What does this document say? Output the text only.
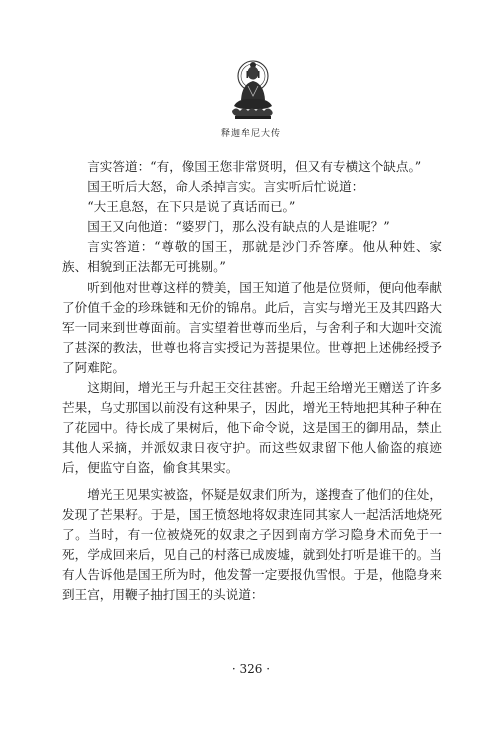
释迦牟尼大传

言实答道：“有，像国王您非常贤明，但又有专横这个缺点。”

国王听后大怒，命人杀掉言实。言实听后忙说道：

“大王息怒，在下只是说了真话而已。”

国王又向他道：“婆罗门，那么没有缺点的人是谁呢？”

言实答道：“尊敬的国王，那就是沙门乔答摩。他从种姓、家族、相貌到正法都无可挑剔。”

听到他对世尊这样的赞美，国王知道了他是位贤师，便向他奉献了价值千金的珍珠链和无价的锦帛。此后，言实与增光王及其四路大军一同来到世尊面前。言实望着世尊而坐后，与舍利子和大迦叶交流了甚深的教法，世尊也将言实授记为菩提果位。世尊把上述佛经授予了阿难陀。

这期间，增光王与升起王交往甚密。升起王给增光王赠送了许多芒果，乌丈那国以前没有这种果子，因此，增光王特地把其种子种在了花园中。待长成了果树后，他下命令说，这是国王的御用品，禁止其他人采摘，并派奴隶日夜守护。而这些奴隶留下他人偷盗的痕迹后，便监守自盗，偷食其果实。

增光王见果实被盗，怀疑是奴隶们所为，遂搜查了他们的住处，发现了芒果籽。于是，国王愤怒地将奴隶连同其家人一起活活地烧死了。当时，有一位被烧死的奴隶之子因到南方学习隐身术而免于一死，学成回来后，见自己的村落已成废墟，就到处打听是谁干的。当有人告诉他是国王所为时，他发誓一定要报仇雪恨。于是，他隐身来到王宫，用鞭子抽打国王的头说道：

· 326 ·
